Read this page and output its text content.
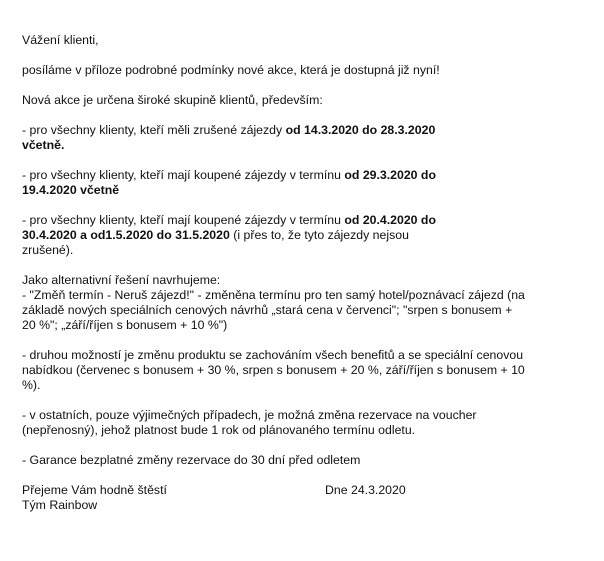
Vážení klienti,

posíláme v příloze podrobné podmínky nové akce, která je dostupná již nyní!

Nová akce je určena široké skupině klientů, především:

- pro všechny klienty, kteří měli zrušené zájezdy od 14.3.2020 do 28.3.2020
včetně.
- pro všechny klienty, kteří mají koupené zájezdy v termínu od 29.3.2020 do
19.4.2020 včetně
- pro všechny klienty, kteří mají koupené zájezdy v termínu od 20.4.2020 do
30.4.2020 a od1.5.2020 do 31.5.2020 (i přes to, že tyto zájezdy nejsou
zrušené).
Jako alternativní řešení navrhujeme:
- "Změň termín - Neruš zájezd!" - změněna termínu pro ten samý hotel/poznávací zájezd (na
základě nových speciálních cenových návrhů „stará cena v červenci"; "srpen s bonusem +
20 %"; „září/říjen s bonusem + 10 %")
- druhou možností je změnu produktu se zachováním všech benefitů a se speciální cenovou
nabídkou (červenec s bonusem + 30 %, srpen s bonusem + 20 %, září/říjen s bonusem + 10
%).
- v ostatních, pouze výjimečných případech, je možná změna rezervace na voucher
(nepřenosný), jehož platnost bude 1 rok od plánovaného termínu odletu.

- Garance bezplatné změny rezervace do 30 dní před odletem

Přejeme Vám hodně štěstí	Dne 24.3.2020
Tým Rainbow
